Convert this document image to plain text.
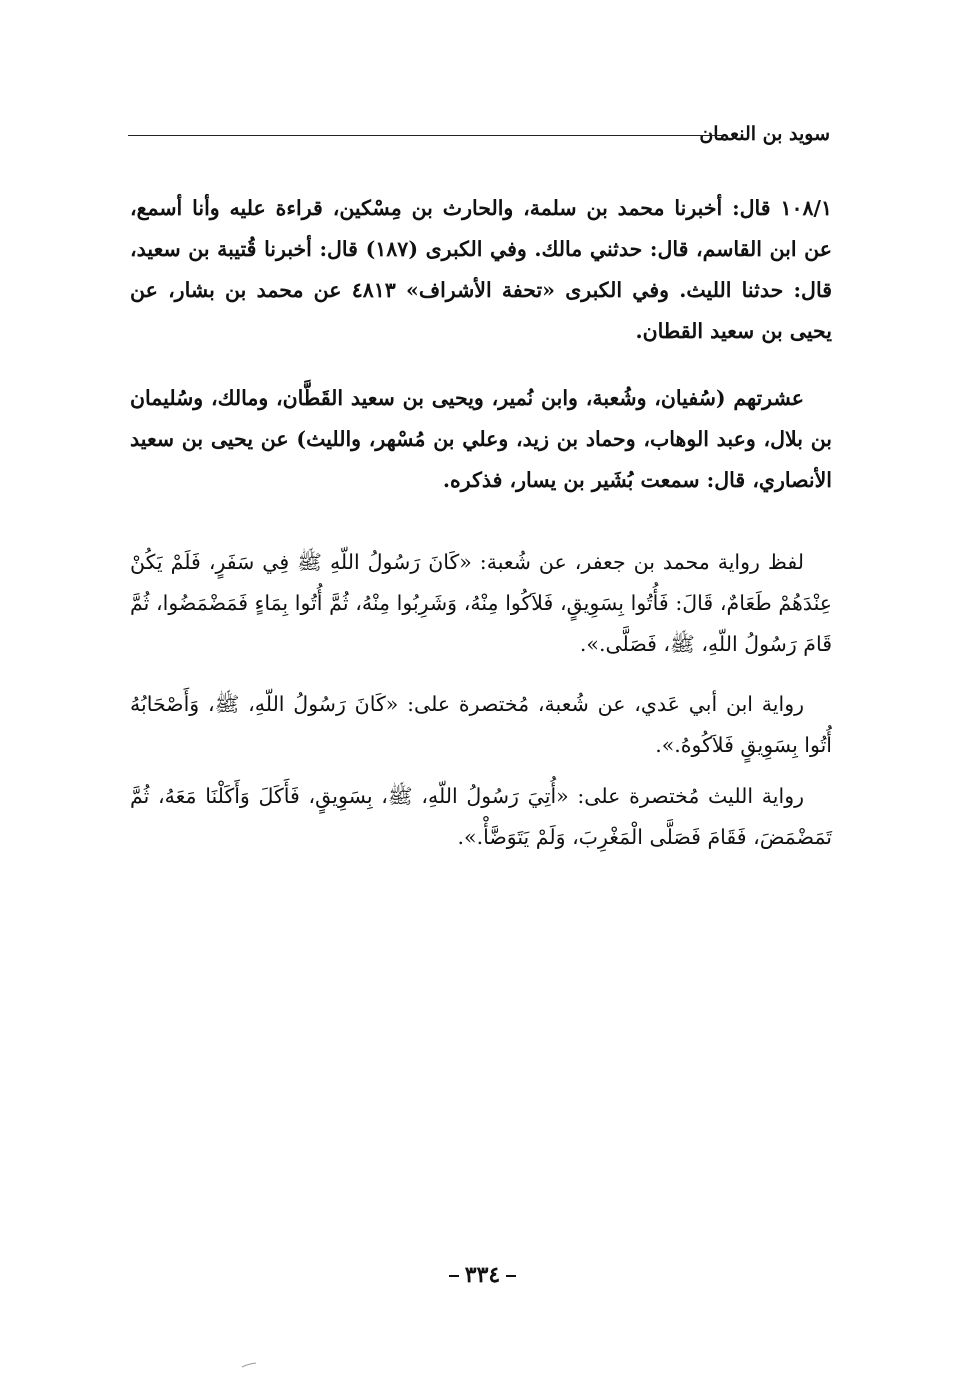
سويد بن النعمان

١٠٨/١ قال: أخبرنا محمد بن سلمة، والحارث بن مِسْكين، قراءة عليه وأنا أسمع، عن ابن القاسم، قال: حدثني مالك. وفي الكبرى (١٨٧) قال: أخبرنا قُتيبة بن سعيد، قال: حدثنا الليث. وفي الكبرى «تحفة الأشراف» ٤٨١٣ عن محمد بن بشار، عن يحيى بن سعيد القطان.

عشرتهم (سُفيان، وشُعبة، وابن نُمير، ويحيى بن سعيد القَطَّان، ومالك، وسُليمان بن بلال، وعبد الوهاب، وحماد بن زيد، وعلي بن مُسْهر، والليث) عن يحيى بن سعيد الأنصاري، قال: سمعت بُشَير بن يسار، فذكره.

لفظ رواية محمد بن جعفر، عن شُعبة: «كَانَ رَسُولُ اللّهِ ﷺ فِي سَفَرٍ، فَلَمْ يَكُنْ عِنْدَهُمْ طَعَامٌ، قَالَ: فَأُتُوا بِسَوِيقٍ، فَلاَكُوا مِنْهُ، وَشَرِبُوا مِنْهُ، ثُمَّ أُتُوا بِمَاءٍ فَمَضْمَضُوا، ثُمَّ قَامَ رَسُولُ اللّهِ، ﷺ، فَصَلَّى.».

رواية ابن أبي عَدي، عن شُعبة، مُختصرة على: «كَانَ رَسُولُ اللّهِ، ﷺ، وَأَصْحَابُهُ أُتُوا بِسَوِيقٍ فَلاَكُوهُ.».

رواية الليث مُختصرة على: «أُتِيَ رَسُولُ اللّهِ، ﷺ، بِسَوِيقٍ، فَأَكَلَ وَأَكَلْنَا مَعَهُ، ثُمَّ تَمَضْمَضَ، فَقَامَ فَصَلَّى الْمَغْرِبَ، وَلَمْ يَتَوَضَّأْ.».

٣٣٤
